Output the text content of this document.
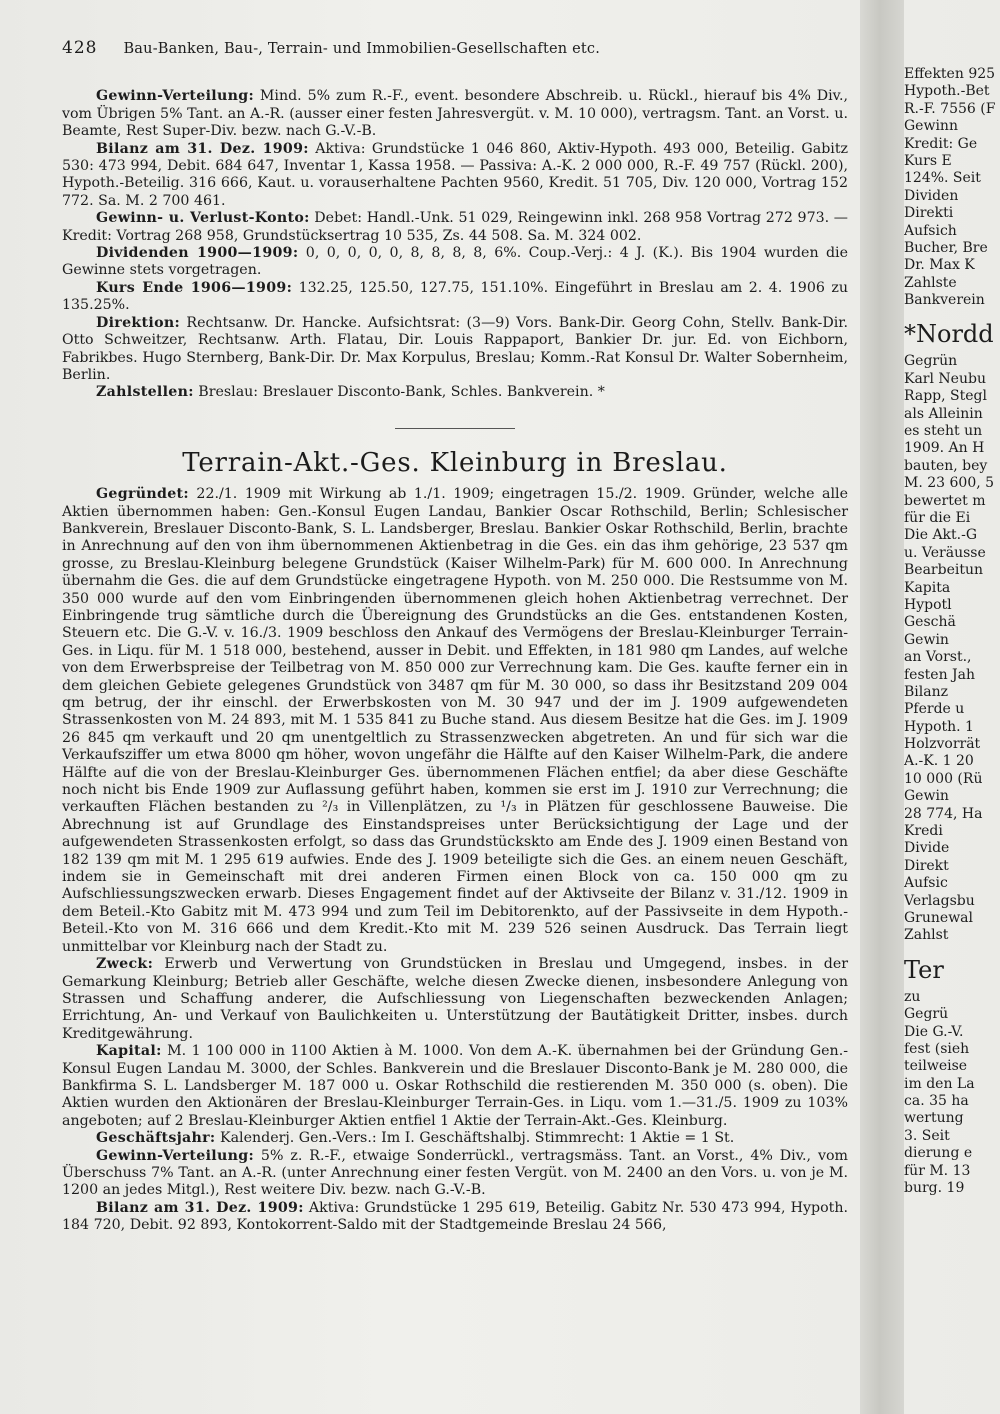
428 Bau-Banken, Bau-, Terrain- und Immobilien-Gesellschaften etc.

Gewinn-Verteilung: Mind. 5% zum R.-F., event. besondere Abschreib. u. Rückl., hierauf bis 4% Div., vom Übrigen 5% Tant. an A.-R. (ausser einer festen Jahresvergüt. v. M. 10 000), vertragsm. Tant. an Vorst. u. Beamte, Rest Super-Div. bezw. nach G.-V.-B.

Bilanz am 31. Dez. 1909: Aktiva: Grundstücke 1 046 860, Aktiv-Hypoth. 493 000, Beteilig. Gabitz 530: 473 994, Debit. 684 647, Inventar 1, Kassa 1958. — Passiva: A.-K. 2 000 000, R.-F. 49 757 (Rückl. 200), Hypoth.-Beteilig. 316 666, Kaut. u. vorauserhaltene Pachten 9560, Kredit. 51 705, Div. 120 000, Vortrag 152 772. Sa. M. 2 700 461.

Gewinn- u. Verlust-Konto: Debet: Handl.-Unk. 51 029, Reingewinn inkl. 268 958 Vortrag 272 973. — Kredit: Vortrag 268 958, Grundstücksertrag 10 535, Zs. 44 508. Sa. M. 324 002.

Dividenden 1900—1909: 0, 0, 0, 0, 0, 8, 8, 8, 8, 6%. Coup.-Verj.: 4 J. (K.). Bis 1904 wurden die Gewinne stets vorgetragen.

Kurs Ende 1906—1909: 132.25, 125.50, 127.75, 151.10%. Eingeführt in Breslau am 2. 4. 1906 zu 135.25%.

Direktion: Rechtsanw. Dr. Hancke. Aufsichtsrat: (3—9) Vors. Bank-Dir. Georg Cohn, Stellv. Bank-Dir. Otto Schweitzer, Rechtsanw. Arth. Flatau, Dir. Louis Rappaport, Bankier Dr. jur. Ed. von Eichborn, Fabrikbes. Hugo Sternberg, Bank-Dir. Dr. Max Korpulus, Breslau; Komm.-Rat Konsul Dr. Walter Sobernheim, Berlin.

Zahlstellen: Breslau: Breslauer Disconto-Bank, Schles. Bankverein. *

Terrain-Akt.-Ges. Kleinburg in Breslau.

Gegründet: 22./1. 1909 mit Wirkung ab 1./1. 1909; eingetragen 15./2. 1909. Gründer, welche alle Aktien übernommen haben: Gen.-Konsul Eugen Landau, Bankier Oscar Rothschild, Berlin; Schlesischer Bankverein, Breslauer Disconto-Bank, S. L. Landsberger, Breslau. Bankier Oskar Rothschild, Berlin, brachte in Anrechnung auf den von ihm übernommenen Aktienbetrag in die Ges. ein das ihm gehörige, 23 537 qm grosse, zu Breslau-Kleinburg belegene Grundstück (Kaiser Wilhelm-Park) für M. 600 000. In Anrechnung übernahm die Ges. die auf dem Grundstücke eingetragene Hypoth. von M. 250 000. Die Restsumme von M. 350 000 wurde auf den vom Einbringenden übernommenen gleich hohen Aktienbetrag verrechnet. Der Einbringende trug sämtliche durch die Übereignung des Grundstücks an die Ges. entstandenen Kosten, Steuern etc. Die G.-V. v. 16./3. 1909 beschloss den Ankauf des Vermögens der Breslau-Kleinburger Terrain-Ges. in Liqu. für M. 1 518 000, bestehend, ausser in Debit. und Effekten, in 181 980 qm Landes, auf welche von dem Erwerbspreise der Teilbetrag von M. 850 000 zur Verrechnung kam. Die Ges. kaufte ferner ein in dem gleichen Gebiete gelegenes Grundstück von 3487 qm für M. 30 000, so dass ihr Besitzstand 209 004 qm betrug, der ihr einschl. der Erwerbskosten von M. 30 947 und der im J. 1909 aufgewendeten Strassenkosten von M. 24 893, mit M. 1 535 841 zu Buche stand. Aus diesem Besitze hat die Ges. im J. 1909 26 845 qm verkauft und 20 qm unentgeltlich zu Strassenzwecken abgetreten. An und für sich war die Verkaufsziffer um etwa 8000 qm höher, wovon ungefähr die Hälfte auf den Kaiser Wilhelm-Park, die andere Hälfte auf die von der Breslau-Kleinburger Ges. übernommenen Flächen entfiel; da aber diese Geschäfte noch nicht bis Ende 1909 zur Auflassung geführt haben, kommen sie erst im J. 1910 zur Verrechnung; die verkauften Flächen bestanden zu ²/₃ in Villenplätzen, zu ¹/₃ in Plätzen für geschlossene Bauweise. Die Abrechnung ist auf Grundlage des Einstandspreises unter Berücksichtigung der Lage und der aufgewendeten Strassenkosten erfolgt, so dass das Grundstückskto am Ende des J. 1909 einen Bestand von 182 139 qm mit M. 1 295 619 aufwies. Ende des J. 1909 beteiligte sich die Ges. an einem neuen Geschäft, indem sie in Gemeinschaft mit drei anderen Firmen einen Block von ca. 150 000 qm zu Aufschliessungszwecken erwarb. Dieses Engagement findet auf der Aktivseite der Bilanz v. 31./12. 1909 in dem Beteil.-Kto Gabitz mit M. 473 994 und zum Teil im Debitorenkto, auf der Passivseite in dem Hypoth.-Beteil.-Kto von M. 316 666 und dem Kredit.-Kto mit M. 239 526 seinen Ausdruck. Das Terrain liegt unmittelbar vor Kleinburg nach der Stadt zu.

Zweck: Erwerb und Verwertung von Grundstücken in Breslau und Umgegend, insbes. in der Gemarkung Kleinburg; Betrieb aller Geschäfte, welche diesen Zwecke dienen, insbesondere Anlegung von Strassen und Schaffung anderer, die Aufschliessung von Liegenschaften bezweckenden Anlagen; Errichtung, An- und Verkauf von Baulichkeiten u. Unterstützung der Bautätigkeit Dritter, insbes. durch Kreditgewährung.

Kapital: M. 1 100 000 in 1100 Aktien à M. 1000. Von dem A.-K. übernahmen bei der Gründung Gen.-Konsul Eugen Landau M. 3000, der Schles. Bankverein und die Breslauer Disconto-Bank je M. 280 000, die Bankfirma S. L. Landsberger M. 187 000 u. Oskar Rothschild die restierenden M. 350 000 (s. oben). Die Aktien wurden den Aktionären der Breslau-Kleinburger Terrain-Ges. in Liqu. vom 1.—31./5. 1909 zu 103% angeboten; auf 2 Breslau-Kleinburger Aktien entfiel 1 Aktie der Terrain-Akt.-Ges. Kleinburg.

Geschäftsjahr: Kalenderj. Gen.-Vers.: Im I. Geschäftshalbj. Stimmrecht: 1 Aktie = 1 St.

Gewinn-Verteilung: 5% z. R.-F., etwaige Sonderrückl., vertragsmäss. Tant. an Vorst., 4% Div., vom Überschuss 7% Tant. an A.-R. (unter Anrechnung einer festen Vergüt. von M. 2400 an den Vors. u. von je M. 1200 an jedes Mitgl.), Rest weitere Div. bezw. nach G.-V.-B.

Bilanz am 31. Dez. 1909: Aktiva: Grundstücke 1 295 619, Beteilig. Gabitz Nr. 530 473 994, Hypoth. 184 720, Debit. 92 893, Kontokorrent-Saldo mit der Stadtgemeinde Breslau 24 566,

Effekten 925
Hypoth.-Bet
R.-F. 7556 (F
Gewinn
Kredit: Ge
Kurs E
124%. Seit
Dividen
Direkti
Aufsich
Bucher, Bre
Dr. Max K
Zahlste
Bankverein
*Nordd
Gegrün
Karl Neubu
Rapp, Stegl
als Alleinin
es steht un
1909. An H
bauten, bey
M. 23 600, 5
bewertet m
für die Ei
Die Akt.-G
u. Veräusse
Bearbeitun
Kapita
Hypotl
Geschä
Gewin
an Vorst.,
festen Jah
Bilanz
Pferde u
Hypoth. 1
Holzvorrät
A.-K. 1 20
10 000 (Rü
Gewin
28 774, Ha
Kredi
Divide
Direkt
Aufsic
Verlagsbu
Grunewal
Zahlst
Ter
zu
Gegrü
Die G.-V.
fest (sieh
teilweise
im den La
ca. 35 ha
wertung
3. Seit
dierung e
für M. 13
burg. 19
